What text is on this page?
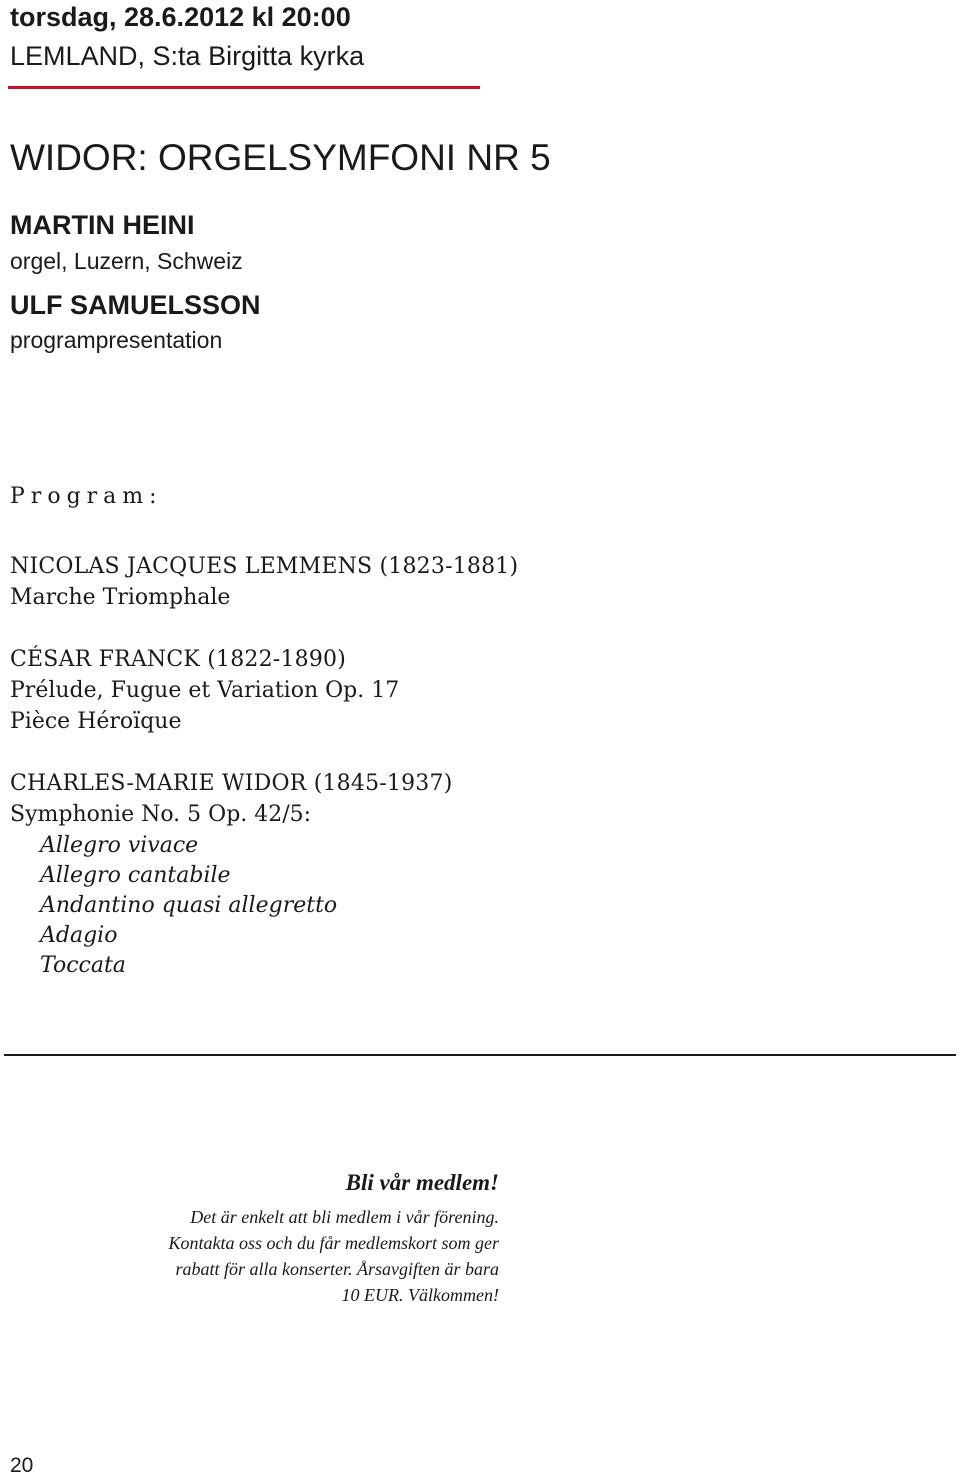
torsdag, 28.6.2012 kl 20:00
LEMLAND, S:ta Birgitta kyrka
WIDOR: ORGELSYMFONI NR 5
MARTIN HEINI
orgel, Luzern, Schweiz
ULF SAMUELSSON
programpresentation
Program:
NICOLAS JACQUES LEMMENS (1823-1881)
Marche Triomphale
CÉSAR FRANCK (1822-1890)
Prélude, Fugue et Variation Op. 17
Pièce Héroïque
CHARLES-MARIE WIDOR (1845-1937)
Symphonie No. 5 Op. 42/5:
Allegro vivace
Allegro cantabile
Andantino quasi allegretto
Adagio
Toccata
Bli vår medlem!
Det är enkelt att bli medlem i vår förening.
Kontakta oss och du får medlemskort som ger
rabatt för alla konserter. Årsavgiften är bara
10 EUR. Välkommen!
20
